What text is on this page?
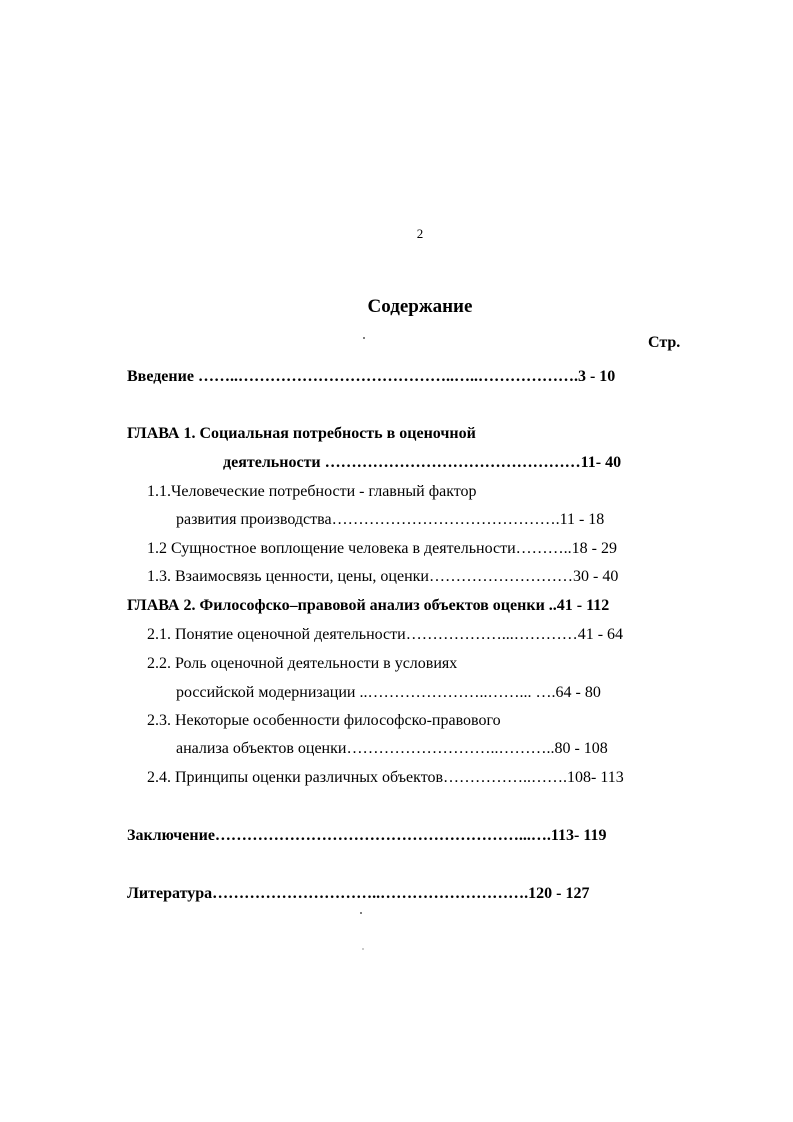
2
Содержание
Стр.
Введение ……..…………………………………..…..……………….3 - 10
ГЛАВА 1. Социальная потребность в оценочной
деятельности …………………………………………11- 40
1.1.Человеческие потребности - главный фактор
развития производства…………………………………….11 - 18
1.2 Сущностное воплощение человека в деятельности………..18 - 29
1.3. Взаимосвязь ценности, цены, оценки………………………30 - 40
ГЛАВА 2. Философско–правовой анализ объектов оценки ..41 - 112
2.1. Понятие оценочной деятельности………………...…………41 - 64
2.2. Роль оценочной деятельности в условиях
российской модернизации ..…………………..……... ….64 - 80
2.3. Некоторые особенности философско-правового
анализа объектов оценки………………………..………..80 - 108
2.4. Принципы оценки различных объектов……………..…….108- 113
Заключение…………………………………………………...….113- 119
Литература…………………………..……………………….120 - 127
